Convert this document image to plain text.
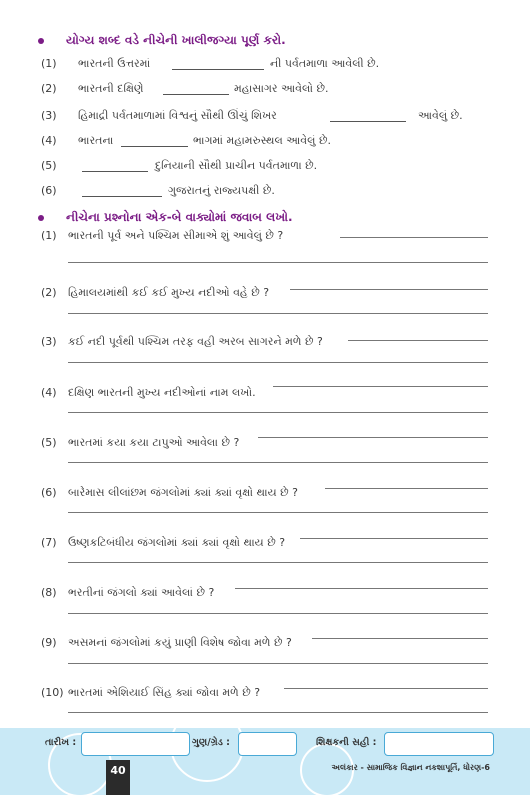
યોગ્ય શબ્દ વડે નીચેની ખાલીજગ્યા પૂર્ણ કરો.
(1) ભારતની ઉત્તરમાં	ની પર્વતમાળા આવેલી છે.
(2) ભારતની દક્ષિણે	મહાસાગર આવેલો છે.
(3) હિમાદ્રી પર્વતમાળામાં વિશ્વનું સૌથી ઊંચું શિખર	આવેલું છે.
(4) ભારતના	ભાગમાં મહામરુસ્થલ આવેલું છે.
(5)	દુનિયાની સૌથી પ્રાચીન પર્વતમાળા છે.
(6)	ગુજરાતનું રાજ્યપક્ષી છે.
નીચેના પ્રશ્નોના એક-બે વાક્યોમાં જવાબ લખો.
(1) ભારતની પૂર્વ અને પશ્ચિમ સીમાએ શું આવેલું છે ?
(2) હિમાલયમાંથી કઈ કઈ મુખ્ય નદીઓ વહે છે ?
(3) કઈ નદી પૂર્વથી પશ્ચિમ તરફ વહી અરબ સાગરને મળે છે ?
(4) દક્ષિણ ભારતની મુખ્ય નદીઓનાં નામ લખો.
(5) ભારતમાં કયા કયા ટાપુઓ આવેલા છે ?
(6) બારેમાસ લીલાંછમ જંગલોમાં ક્યાં ક્યાં વૃક્ષો થાય છે ?
(7) ઉષ્ણકટિબંધીય જંગલોમાં ક્યાં ક્યાં વૃક્ષો થાય છે ?
(8) ભરતીનાં જંગલો ક્યાં આવેલાં છે ?
(9) અસમનાં જંગલોમાં કયું પ્રાણી વિશેષ જોવા મળે છે ?
(10) ભારતમાં એશિયાઈ સિંહ ક્યાં જોવા મળે છે ?
તારીખ :	ગુણ/ગ્રેડ :	શિક્ષકની સહી :
40	અલંકાર - સામાજિક વિજ્ઞાન નકશાપૂર્તિ, ધોરણ-6
